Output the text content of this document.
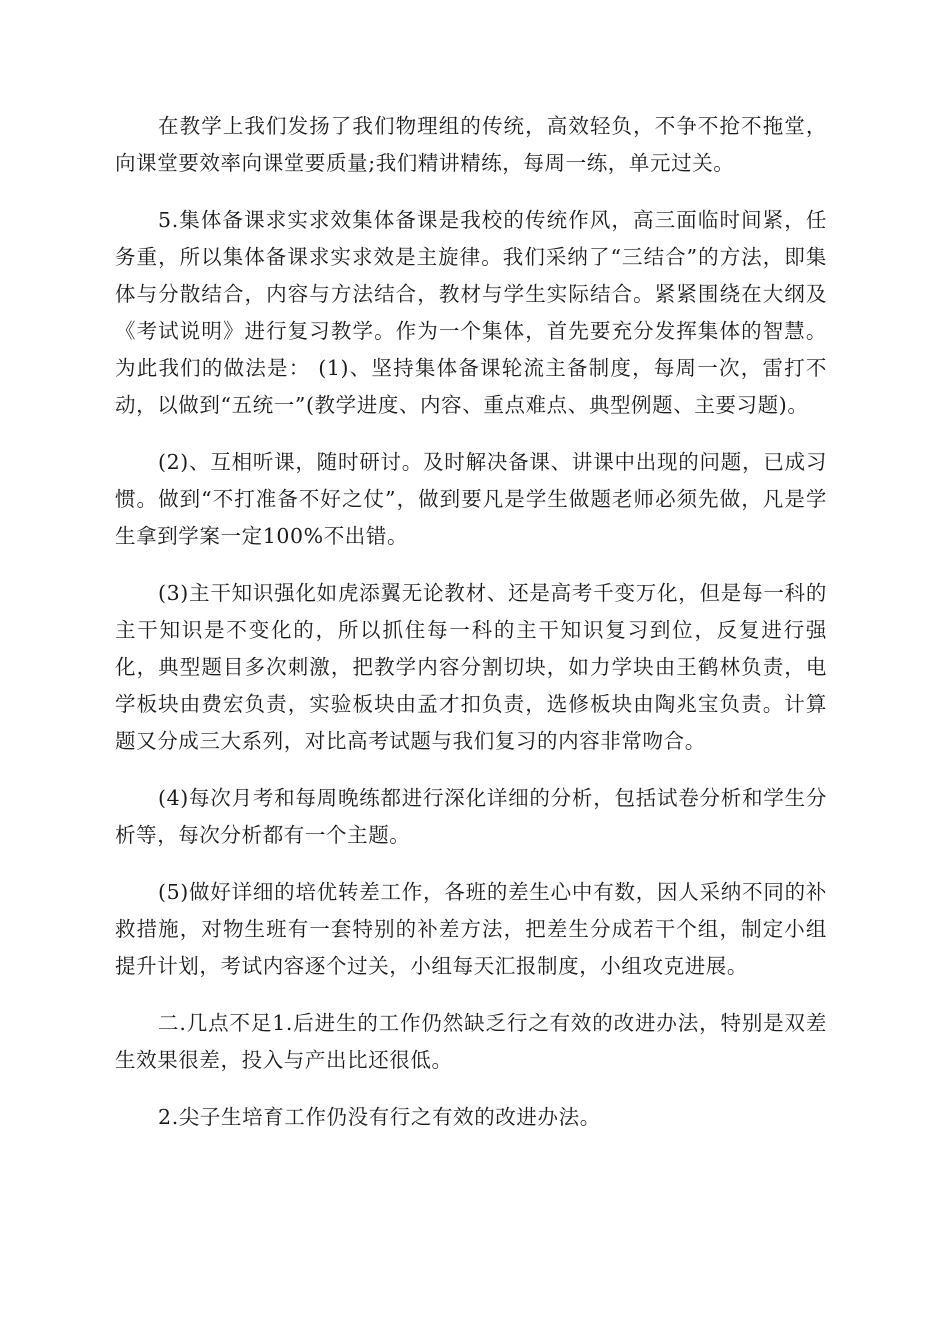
在教学上我们发扬了我们物理组的传统，高效轻负，不争不抢不拖堂，向课堂要效率向课堂要质量;我们精讲精练，每周一练，单元过关。

5.集体备课求实求效集体备课是我校的传统作风，高三面临时间紧，任务重，所以集体备课求实求效是主旋律。我们采纳了“三结合”的方法，即集体与分散结合，内容与方法结合，教材与学生实际结合。紧紧围绕在大纲及《考试说明》进行复习教学。作为一个集体，首先要充分发挥集体的智慧。为此我们的做法是： (1)、坚持集体备课轮流主备制度，每周一次，雷打不动，以做到“五统一”(教学进度、内容、重点难点、典型例题、主要习题)。

(2)、互相听课，随时研讨。及时解决备课、讲课中出现的问题，已成习惯。做到“不打准备不好之仗”，做到要凡是学生做题老师必须先做，凡是学生拿到学案一定100%不出错。

(3)主干知识强化如虎添翼无论教材、还是高考千变万化，但是每一科的主干知识是不变化的，所以抓住每一科的主干知识复习到位，反复进行强化，典型题目多次刺激，把教学内容分割切块，如力学块由王鹤林负责，电学板块由费宏负责，实验板块由孟才扣负责，选修板块由陶兆宝负责。计算题又分成三大系列，对比高考试题与我们复习的内容非常吻合。

(4)每次月考和每周晚练都进行深化详细的分析，包括试卷分析和学生分析等，每次分析都有一个主题。

(5)做好详细的培优转差工作，各班的差生心中有数，因人采纳不同的补救措施，对物生班有一套特别的补差方法，把差生分成若干个组，制定小组提升计划，考试内容逐个过关，小组每天汇报制度，小组攻克进展。

二.几点不足1.后进生的工作仍然缺乏行之有效的改进办法，特别是双差生效果很差，投入与产出比还很低。

2.尖子生培育工作仍没有行之有效的改进办法。
